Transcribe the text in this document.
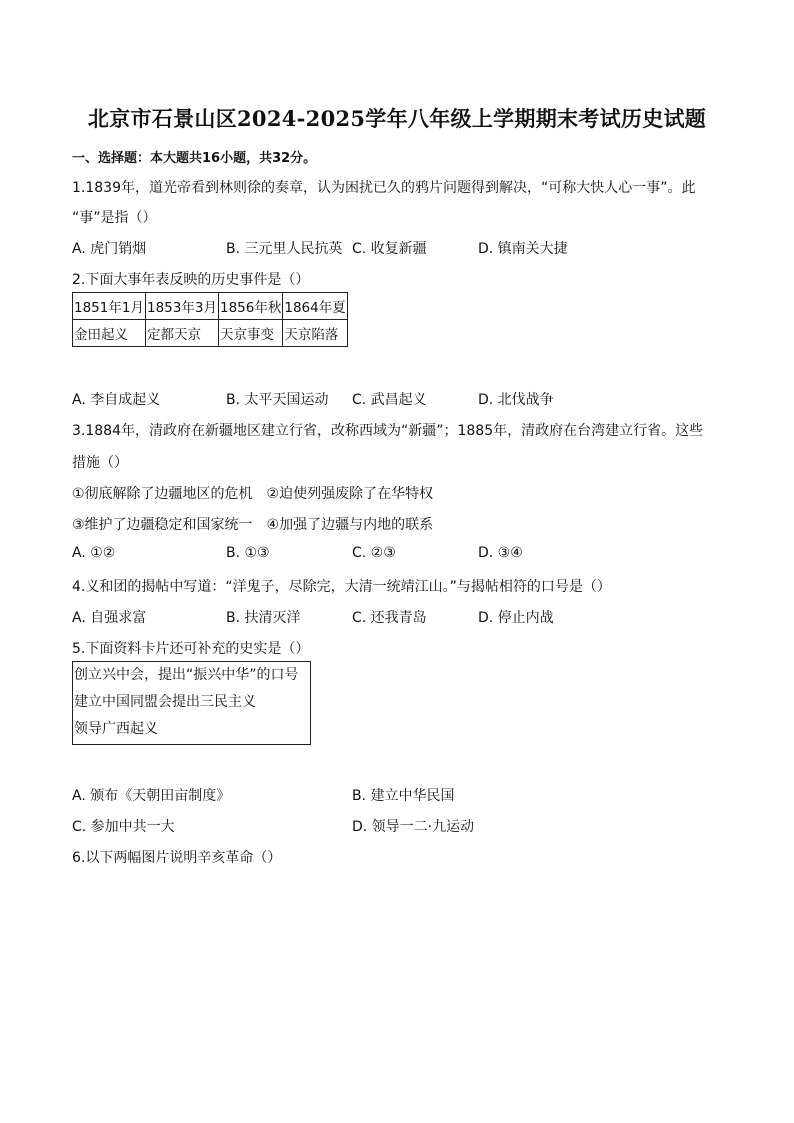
北京市石景山区2024-2025学年八年级上学期期末考试历史试题
一、选择题：本大题共16小题，共32分。
1.1839年，道光帝看到林则徐的奏章，认为困扰已久的鸦片问题得到解决，“可称大快人心一事”。此
“事”是指（）
A. 虎门销烟	B. 三元里人民抗英 C. 收复新疆	D. 镇南关大捷
2.下面大事年表反映的历史事件是（）
1851年1月	1853年3月	1856年秋	1864年夏
金田起义	定都天京	天京事变	天京陷落
A. 李自成起义	B. 太平天国运动 C. 武昌起义	D. 北伐战争
3.1884年，清政府在新疆地区建立行省，改称西域为“新疆”；1885年，清政府在台湾建立行省。这些
措施（）
①彻底解除了边疆地区的危机　②迫使列强废除了在华特权
③维护了边疆稳定和国家统一　④加强了边疆与内地的联系
A. ①②	B. ①③	C. ②③	D. ③④
4.义和团的揭帖中写道：“洋鬼子，尽除完，大清一统靖江山。”与揭帖相符的口号是（）
A. 自强求富	B. 扶清灭洋	C. 还我青岛	D. 停止内战
5.下面资料卡片还可补充的史实是（）
创立兴中会，提出“振兴中华”的口号
建立中国同盟会提出三民主义
领导广西起义
A. 颁布《天朝田亩制度》	B. 建立中华民国
C. 参加中共一大	D. 领导一二·九运动
6.以下两幅图片说明辛亥革命（）
